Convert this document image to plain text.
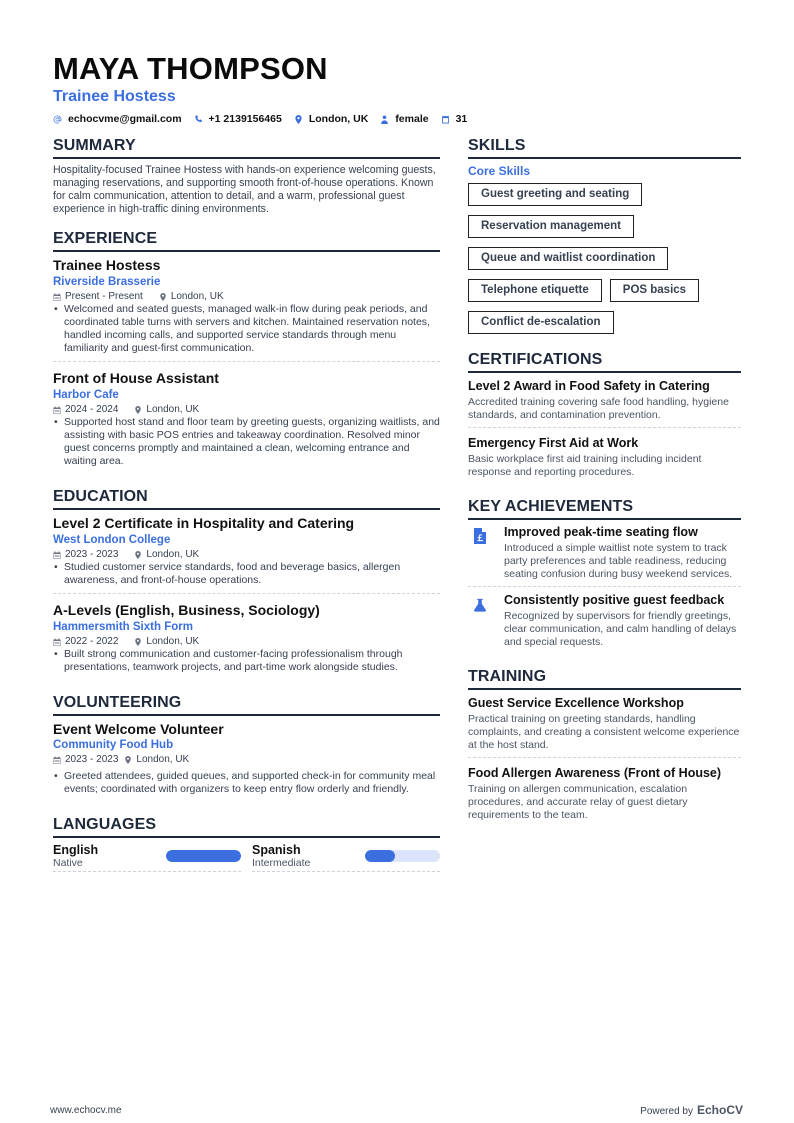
MAYA THOMPSON
Trainee Hostess
echocvme@gmail.com	+1 2139156465	London, UK	female	31
SUMMARY
Hospitality-focused Trainee Hostess with hands-on experience welcoming guests, managing reservations, and supporting smooth front-of-house operations. Known for calm communication, attention to detail, and a warm, professional guest experience in high-traffic dining environments.
EXPERIENCE
Trainee Hostess
Riverside Brasserie
Present - Present	London, UK
• Welcomed and seated guests, managed walk-in flow during peak periods, and coordinated table turns with servers and kitchen. Maintained reservation notes, handled incoming calls, and supported service standards through menu familiarity and guest-first communication.
Front of House Assistant
Harbor Cafe
2024 - 2024	London, UK
• Supported host stand and floor team by greeting guests, organizing waitlists, and assisting with basic POS entries and takeaway coordination. Resolved minor guest concerns promptly and maintained a clean, welcoming entrance and waiting area.
EDUCATION
Level 2 Certificate in Hospitality and Catering
West London College
2023 - 2023	London, UK
• Studied customer service standards, food and beverage basics, allergen awareness, and front-of-house operations.
A-Levels (English, Business, Sociology)
Hammersmith Sixth Form
2022 - 2022	London, UK
• Built strong communication and customer-facing professionalism through presentations, teamwork projects, and part-time work alongside studies.
VOLUNTEERING
Event Welcome Volunteer
Community Food Hub
2023 - 2023 London, UK
• Greeted attendees, guided queues, and supported check-in for community meal events; coordinated with organizers to keep entry flow orderly and friendly.
LANGUAGES
English
Native
Spanish
Intermediate
SKILLS
Core Skills
Guest greeting and seating
Reservation management
Queue and waitlist coordination
Telephone etiquette	POS basics
Conflict de-escalation
CERTIFICATIONS
Level 2 Award in Food Safety in Catering
Accredited training covering safe food handling, hygiene standards, and contamination prevention.
Emergency First Aid at Work
Basic workplace first aid training including incident response and reporting procedures.
KEY ACHIEVEMENTS
Improved peak-time seating flow
Introduced a simple waitlist note system to track party preferences and table readiness, reducing seating confusion during busy weekend services.
Consistently positive guest feedback
Recognized by supervisors for friendly greetings, clear communication, and calm handling of delays and special requests.
TRAINING
Guest Service Excellence Workshop
Practical training on greeting standards, handling complaints, and creating a consistent welcome experience at the host stand.
Food Allergen Awareness (Front of House)
Training on allergen communication, escalation procedures, and accurate relay of guest dietary requirements to the team.
www.echocv.me	Powered by EchoCV
